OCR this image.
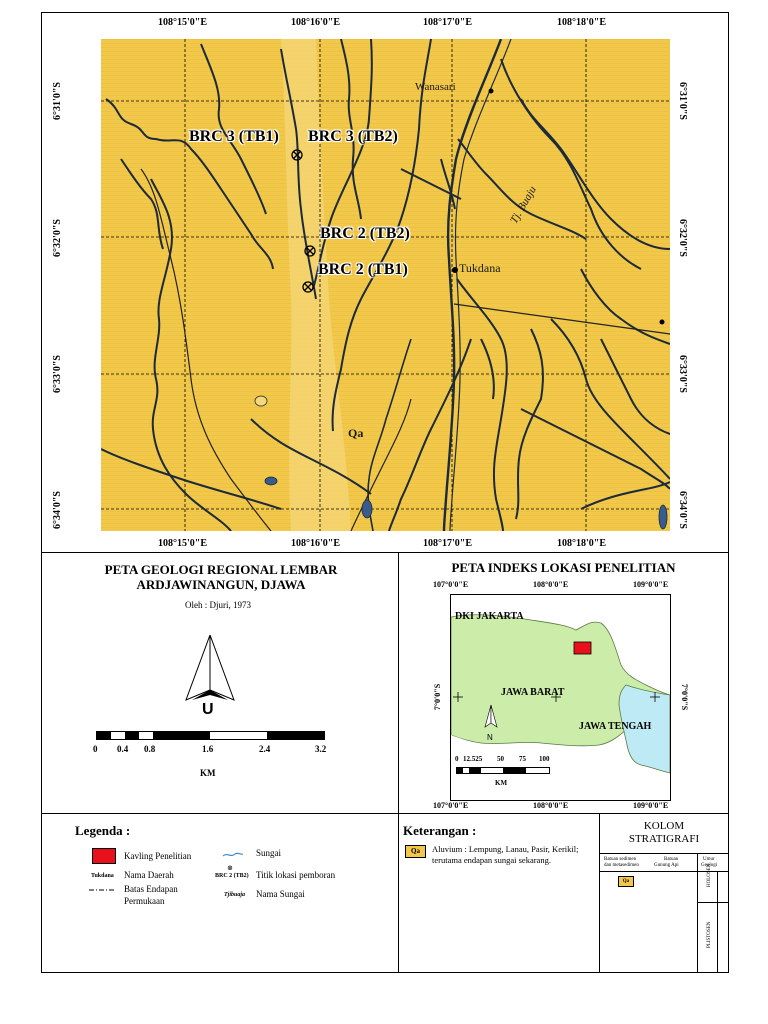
108°15'0"E	108°16'0"E	108°17'0"E	108°18'0"E
108°15'0"E	108°16'0"E	108°17'0"E	108°18'0"E
6°31'0"S
6°32'0"S
6°33'0"S
6°34'0"S
6°31'0"S
6°32'0"S
6°33'0"S
6°34'0"S
BRC 3 (TB1) BRC 3 (TB2)
BRC 2 (TB2)
BRC 2 (TB1)
Wanasari
Tukdana
Tj. Buaju
Qa
PETA GEOLOGI REGIONAL LEMBAR
ARDJAWINANGUN, DJAWA
Oleh : Djuri, 1973
U
0 0.4 0.8	1.6	2.4	3.2
KM
PETA INDEKS LOKASI PENELITIAN
107°0'0"E	108°0'0"E	109°0'0"E
107°0'0"E	108°0'0"E	109°0'0"E
7°0'0"S	7°0'0"S
DKI JAKARTA
JAWA BARAT
JAWA TENGAH
N
0 12.525 50 75 100
KM
Legenda :
Kavling Penelitian	Sungai
Tukdana Nama Daerah
⊗
BRC 2 (TB2) Titik lokasi pemboran
Batas Endapan
Permukaan
Tjibuaja Nama Sungai
Keterangan :
Qa	Aluvium : Lempung, Lanau, Pasir, Kerikil;
terutama endapan sungai sekarang.
KOLOM
STRATIGRAFI
Batuan sedimen
dan metasedimen
Batuan
Gunung Api
Umur
Geologi
Qa	HOLOSEN
PLISTOSEN
